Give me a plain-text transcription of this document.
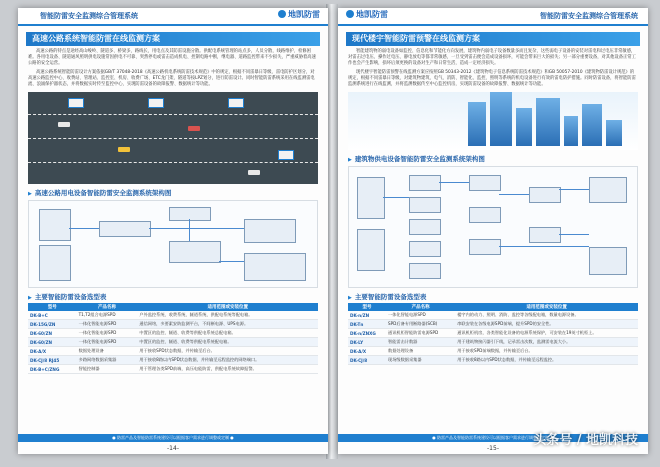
智能防雷安全监测综合管理系统	地凯防雷
高速公路系统智能防雷在线监测方案
高速公路的特点是途经高山峻岭、隧道多、桥梁多，路线长，用电点及其防雷设施分散。供配电系统管理的站点多，人员分散，线路维护、检修困难。各用电设备、隧道通风照明供电设施常因供电不可靠、突然停电或雷击造成机电、控制电路中断，继电器、道路监控带来不少损失，严重威胁着高速公路的安全运营。
高速公路系统智能防雷设计方案依据GB/T 37048-2018《高速公路机电系统防雷技术规范》中的规定，根据不同雷暴日等级、雷电防护区划分，对高速公路监控中心、收费站、管理站、监控室、机房、收费广场、ETC龙门架、隧道等按LPZ划分，进行防雷设计。同时智能防雷系统采用在线监测雷电流、浪涌保护器状态，并将数据实时传至监控中心，实现防雷设备的故障报警、数据统计等功能。
▶ 高速公路用电设备智能防雷安全监测系统架构图
▶ 主要智能防雷设备选型表
型号	产品名称	适用范围或安装位置
DK-B+C	T1,T2组合电源SPD	户外监控系统、收费系统、隧道系统、供配电系统等配电箱。
DK-15G/ZN	一体化智能电源SPD	通信网络，多要素安防监测平台，不间断电源、UPS电源。
DK-60/ZN	一体化智能电源SPD	中置区的监控、隧道、收费等供配电系统总配电箱。
DK-60/ZN	一体化智能电源SPD	中置区的监控、隧道、收费等供配电系统配电箱。
DK-A/X	数据处理设备	用于接收SPD状态数据，并传输至后台。
DK-CJ/8 RJ45	多路网络数据采集器	用于接收8路以内SPD状态数据，并传输至远程监控的网络端口。
DK-B+C/ZNG	智能控制器	用于管理各类SPD前端，高压电能防雷，供配电系统故障报警。
● 防雷产品及智能防雷系统建设可以根据客户需求进行调整或定制 ●
-14-
地凯防雷	智能防雷安全监测综合管理系统
现代楼宇智能防雷预警在线监测方案
智能建筑物的弱电设备如监控、信息化和节能化方向发展，建筑物内弱电子设备数量多而且复杂，这些弱电子设备的安装对雷电和过电压非常敏感，对雷击过电压、操作过电压、静电放电等都非常敏感，一旦受到雷击便会造成设备损坏，可能会带来巨大的损失；另一部分重要设备，对其他设备正常工作也会产生影响，损坏后须更换的设备对生产和日常生活，造成一定经济损失。
现代楼宇智能防雷预警在线监测方案应按照GB 50343-2012《建筑物电子信息系统防雷技术规范》和GB 50057-2010《建筑物防雷设计规范》的规定，根据不同雷暴日等级，对建筑物建筑、电气、消防、智能化、监控、照明等系统的机电设备进行有效的雷电防护措施。同时防雷设备，将智能防雷监测系统进行在线监测，并将监测数据传至中心监控机房，实现防雷设备的故障报警、数据统计等功能。
▶ 建筑物供电设备智能防雷安全监测系统架构图
▶ 主要智能防雷设备选型表
型号	产品名称	适用范围或安装位置
DK-n/ZN	一体化智能电源SPD	楼宇内的动力、照明、消防、监控等各级配电箱，数量电源设备。
DK-Tn	SPD后备专用断路器(SCB)	串联安装在各级电源SPD前端，提升SPD的安全性。
DK-n/ZNXG	通讯机柜智能防雷电源SPD	通讯机柜机房，各类智能化设备的电源系统保护，可安装在19英寸机柜上。
DK-LY	智能雷击计数器	用于建筑物接闪器引下线，记录雷击次数，监测雷电流大小。
DK-A/X	数据处理设备	用于接收SPD前端数据，并传输至后台。
DK-CJ/8	现场级数据采集器	用于接收8路以内SPD状态数据，并传输至远程监控。
● 防雷产品及智能防雷系统建设可以根据客户需求进行调整或定制 ●
-15-
头条号 / 地凯科技
